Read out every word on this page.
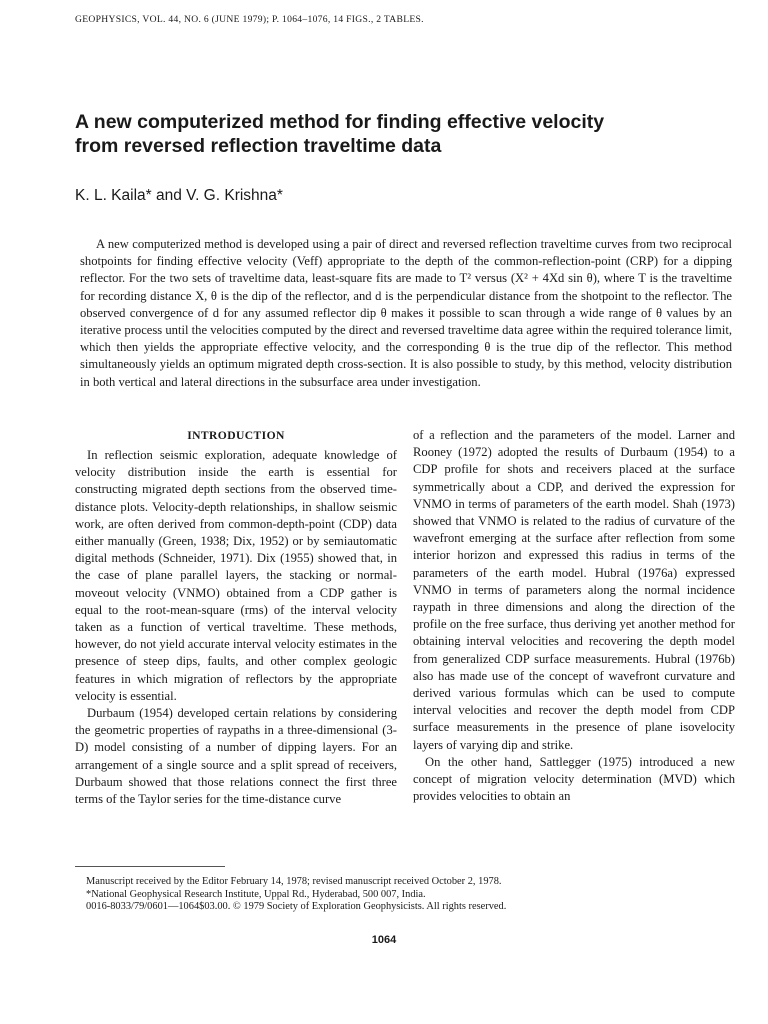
GEOPHYSICS, VOL. 44, NO. 6 (JUNE 1979); P. 1064–1076, 14 FIGS., 2 TABLES.
A new computerized method for finding effective velocity
from reversed reflection traveltime data
K. L. Kaila* and V. G. Krishna*

A new computerized method is developed using a pair of direct and reversed reflection traveltime curves from two reciprocal shotpoints for finding effective velocity (Veff) appropriate to the depth of the common-reflection-point (CRP) for a dipping reflector. For the two sets of traveltime data, least-square fits are made to T² versus (X² + 4Xd sin θ), where T is the traveltime for recording distance X, θ is the dip of the reflector, and d is the perpendicular distance from the shotpoint to the reflector. The observed convergence of d for any assumed reflector dip θ makes it possible to scan through a wide range of θ values by an iterative process until the velocities computed by the direct and reversed traveltime data agree within the required tolerance limit, which then yields the appropriate effective velocity, and the corresponding θ is the true dip of the reflector. This method simultaneously yields an optimum migrated depth cross-section. It is also possible to study, by this method, velocity distribution in both vertical and lateral directions in the subsurface area under investigation.

INTRODUCTION

In reflection seismic exploration, adequate knowledge of velocity distribution inside the earth is essential for constructing migrated depth sections from the observed time-distance plots. Velocity-depth relationships, in shallow seismic work, are often derived from common-depth-point (CDP) data either manually (Green, 1938; Dix, 1952) or by semiautomatic digital methods (Schneider, 1971). Dix (1955) showed that, in the case of plane parallel layers, the stacking or normal-moveout velocity (VNMO) obtained from a CDP gather is equal to the root-mean-square (rms) of the interval velocity taken as a function of vertical traveltime. These methods, however, do not yield accurate interval velocity estimates in the presence of steep dips, faults, and other complex geologic features in which migration of reflectors by the appropriate velocity is essential.

Durbaum (1954) developed certain relations by considering the geometric properties of raypaths in a three-dimensional (3-D) model consisting of a number of dipping layers. For an arrangement of a single source and a split spread of receivers, Durbaum showed that those relations connect the first three terms of the Taylor series for the time-distance curve

of a reflection and the parameters of the model. Larner and Rooney (1972) adopted the results of Durbaum (1954) to a CDP profile for shots and receivers placed at the surface symmetrically about a CDP, and derived the expression for VNMO in terms of parameters of the earth model. Shah (1973) showed that VNMO is related to the radius of curvature of the wavefront emerging at the surface after reflection from some interior horizon and expressed this radius in terms of the parameters of the earth model. Hubral (1976a) expressed VNMO in terms of parameters along the normal incidence raypath in three dimensions and along the direction of the profile on the free surface, thus deriving yet another method for obtaining interval velocities and recovering the depth model from generalized CDP surface measurements. Hubral (1976b) also has made use of the concept of wavefront curvature and derived various formulas which can be used to compute interval velocities and recover the depth model from CDP surface measurements in the presence of plane isovelocity layers of varying dip and strike.

On the other hand, Sattlegger (1975) introduced a new concept of migration velocity determination (MVD) which provides velocities to obtain an

Manuscript received by the Editor February 14, 1978; revised manuscript received October 2, 1978.
*National Geophysical Research Institute, Uppal Rd., Hyderabad, 500 007, India.
0016-8033/79/0601—1064$03.00. © 1979 Society of Exploration Geophysicists. All rights reserved.
1064
